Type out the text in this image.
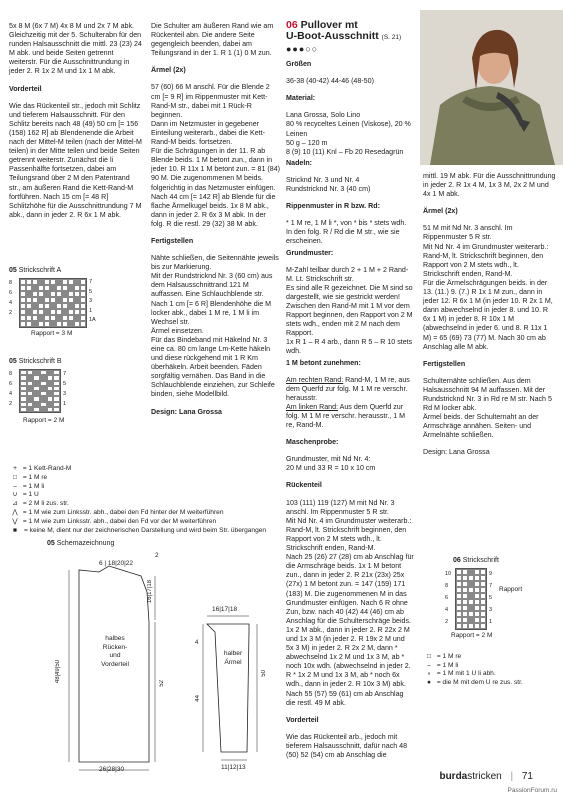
5x 8 M (6x 7 M) 4x 8 M und 2x 7 M abk. Gleichzeitig mit der 5. Schulterabn für den runden Halsausschnitt die mittl. 23 (23) 24 M abk. und beide Seiten getrennt weiterstr. Für die Ausschnittrundung in jeder 2. R 1x 2 M und 1x 1 M abk.

Vorderteil

Wie das Rückenteil str., jedoch mit Schlitz und tieferem Halsausschnitt. Für den Schlitz bereits nach 48 (49) 50 cm [= 156 (158) 162 R] ab Blendenende die Arbeit nach der Mittel-M teilen (nach der Mittel-M teilen) in der Mitte teilen und beide Seiten getrennt weiterstr. Zunächst die li Passenhälfte fortsetzen, dabei am Teilungsrand über 2 M den Patentrand str., am äußeren Rand die Kett-Rand-M fortführen. Nach 15 cm [= 48 R] Schlitzhöhe für die Ausschnittrundung 7 M abk., dann in jeder 2. R 6x 1 M abk.

05 Strickschrift A
8
6
4
2
7
5
3
1
1A
Rapport = 3 M
05 Strickschrift B
8
6
4
2
7
5
3
1
Rapport = 2 M
+ = 1 Kett-Rand-M
□ = 1 M re
– = 1 M li
∪ = 1 U
⊿ = 2 M li zus. str.
⋀ = 1 M wie zum Linksstr. abh., dabei den Fd hinter der M weiterführen
⋁ = 1 M wie zum Linksstr. abh., dabei den Fd vor der M weiterführen
■	= keine M, dient nur der zeichnerischen Darstellung und wird beim Str. übergangen
05 Schemazeichnung
6 | 18|20|22
2
16|17|18
48|49|50
52
26|28|30
halbes
Rücken-
und
Vorderteil
16|17|18
4
halber
Ärmel
44
50
11|12|13

Die Schulter am äußeren Rand wie am Rückenteil abn. Die andere Seite gegengleich beenden, dabei am Teilungsrand in der 1. R 1 (1) 0 M zun.

Ärmel (2x)

57 (60) 66 M anschl. Für die Blende 2 cm [= 9 R] im Rippenmuster mit Kett-Rand-M str., dabei mit 1 Rück-R beginnen.
Dann im Netzmuster in gegebener Einteilung weiterarb., dabei die Kett-Rand-M beids. fortsetzen.
Für die Schrägungen in der 11. R ab Blende beids. 1 M betont zun., dann in jeder 10. R 11x 1 M betont zun. = 81 (84) 90 M. Die zugenommenen M beids. folgerichtig in das Netzmuster einfügen.
Nach 44 cm [= 142 R] ab Blende für die flache Ärmelkugel beids. 1x 8 M abk., dann in jeder 2. R 6x 3 M abk. In der folg. R die restl. 29 (32) 38 M abk.

Fertigstellen

Nähte schließen, die Seitennähte jeweils bis zur Markierung.
Mit der Rundstricknd Nr. 3 (60 cm) aus dem Halsausschnittrand 121 M auffassen. Eine Schlauchblende str. Nach 1 cm [= 6 R] Blendenhöhe die M locker abk., dabei 1 M re, 1 M li im Wechsel str.
Ärmel einsetzen.
Für das Bindeband mit Häkelnd Nr. 3 eine ca. 80 cm lange Lm-Kette häkeln und diese rückgehend mit 1 R Km überhäkeln. Arbeit beenden. Fäden sorgfältig vernähen. Das Band in die Schlauchblende einziehen, zur Schleife binden, siehe Modellbild.

Design: Lana Grossa

06 Pullover mt
U-Boot-Ausschnitt (S. 21)
●●●○○

Größen

36-38 (40-42) 44-46 (48-50)

Material:

Lana Grossa, Solo Lino
80 % recyceltes Leinen (Viskose), 20 % Leinen
50 g – 120 m
8 (9) 10 (11) Knl – Fb 20 Resedagrün

Nadeln:

Stricknd Nr. 3 und Nr. 4
Rundstricknd Nr. 3 (40 cm)

Rippenmuster in R bzw. Rd:

* 1 M re, 1 M li *, von * bis * stets wdh. In den folg. R / Rd die M str., wie sie erscheinen.

Grundmuster:

M-Zahl teilbar durch 2 + 1 M + 2 Rand-M. Lt. Strickschrift str.
Es sind alle R gezeichnet. Die M sind so dargestellt, wie sie gestrickt werden!
Zwischen den Rand-M mit 1 M vor dem Rapport beginnen, den Rapport von 2 M stets wdh., enden mit 2 M nach dem Rapport.
1x R 1 – R 4 arb., dann R 5 – R 10 stets wdh.

1 M betont zunehmen:

Am rechten Rand: Rand-M, 1 M re, aus dem Querfd zur folg. M 1 M re verschr. herausstr.

Am linken Rand: Aus dem Querfd zur folg. M 1 M re verschr. herausstr., 1 M re, Rand-M.

Maschenprobe:

Grundmuster, mit Nd Nr. 4:
20 M und 33 R = 10 x 10 cm

Rückenteil

103 (111) 119 (127) M mit Nd Nr. 3 anschl. Im Rippenmuster 5 R str.
Mit Nd Nr. 4 im Grundmuster weiterarb.: Rand-M, lt. Strickschrift beginnen, den Rapport von 2 M stets wdh., lt. Strickschrift enden, Rand-M.
Nach 25 (26) 27 (28) cm ab Anschlag für die Armschräge beids. 1x 1 M betont zun., dann in jeder 2. R 21x (23x) 25x (27x) 1 M betont zun. = 147 (159) 171 (183) M. Die zugenommenen M in das Grundmuster einfügen. Nach 6 R ohne Zun, bzw. nach 40 (42) 44 (46) cm ab Anschlag für die Schulterschräge beids. 1x 2 M abk., dann in jeder 2. R 22x 2 M und 1x 3 M (in jeder 2. R 19x 2 M und 5x 3 M) in jeder 2. R 2x 2 M, dann * abwechselnd 1x 2 M und 1x 3 M, ab * noch 10x wdh. (abwechselnd in jeder 2. R * 1x 2 M und 1x 3 M, ab * noch 6x wdh., dann in jeder 2. R 10x 3 M) abk.
Nach 55 (57) 59 (61) cm ab Anschlag die restl. 49 M abk.

Vorderteil

Wie das Rückenteil arb., jedoch mit tieferem Halsausschnitt, dafür nach 48 (50) 52 (54) cm ab Anschlag die

mittl. 19 M abk. Für die Ausschnittrundung in jeder 2. R 1x 4 M, 1x 3 M, 2x 2 M und 4x 1 M abk.

Ärmel (2x)

51 M mit Nd Nr. 3 anschl. Im Rippenmuster 5 R str.
Mit Nd Nr. 4 im Grundmuster weiterarb.: Rand-M, lt. Strickschrift beginnen, den Rapport von 2 M stets wdh., lt. Strickschrift enden, Rand-M.
Für die Ärmelschrägungen beids. in der 13. (11.) 9. (7.) R 1x 1 M zun., dann in jeder 12. R 6x 1 M (in jeder 10. R 2x 1 M, dann abwechselnd in jeder 8. und 10. R 6x 1 M) in jeder 8. R 10x 1 M (abwechselnd in jeder 6. und 8. R 11x 1 M) = 65 (69) 73 (77) M. Nach 30 cm ab Anschlag alle M abk.

Fertigstellen

Schulternähte schließen. Aus dem Halsausschnitt 94 M auffassen. Mit der Rundstricknd Nr. 3 in Rd re M str. Nach 5 Rd M locker abk.
Ärmel beids. der Schulternaht an der Armschräge annähen. Seiten- und Ärmelnähte schließen.

Design: Lana Grossa

06 Strickschrift
10
8
6
4
2
9
7
5
3
1
Rapport
Rapport = 2 M
□ = 1 M re
– = 1 M li
∘ = 1 M mit 1 U li abh.
● = die M mit dem U re zus. str.
burdastricken | 71
PassionForum.ru
